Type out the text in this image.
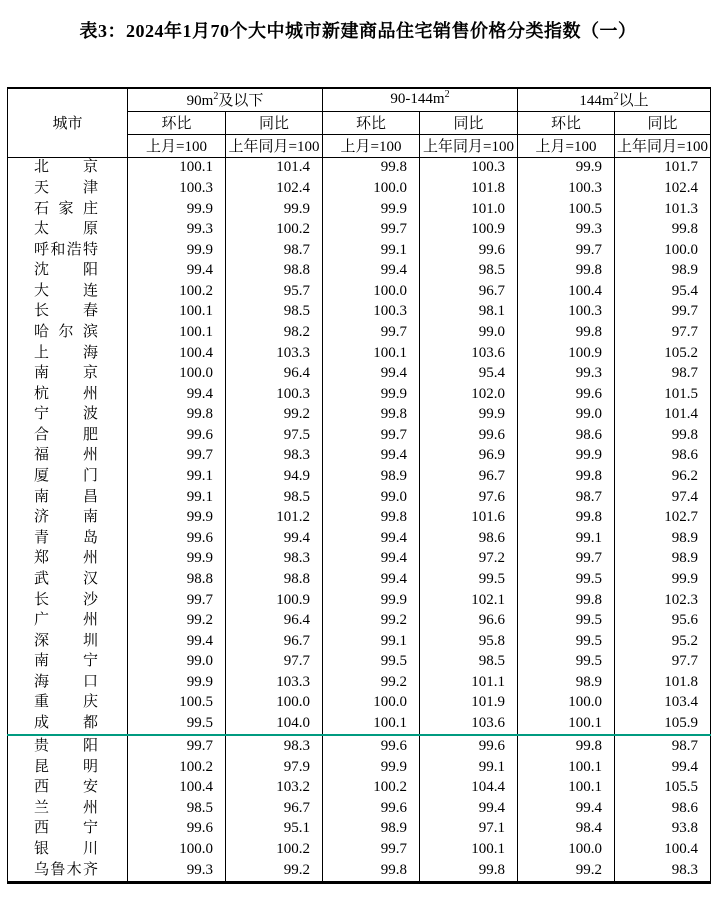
表3：2024年1月70个大中城市新建商品住宅销售价格分类指数（一）
城市	$90m^2$及以下		$90-144m^2$		$144m^2$以上	
	环比	同比	环比	同比	环比	同比
	上月=100	上年同月=100	上月=100	上年同月=100	上月=100	上年同月=100
北京	100.1	101.4	99.8	100.3	99.9	101.7
天津	100.3	102.4	100.0	101.8	100.3	102.4
石家庄	99.9	99.9	99.9	101.0	100.5	101.3
太原	99.3	100.2	99.7	100.9	99.3	99.8
呼和浩特	99.9	98.7	99.1	99.6	99.7	100.0
沈阳	99.4	98.8	99.4	98.5	99.8	98.9
大连	100.2	95.7	100.0	96.7	100.4	95.4
长春	100.1	98.5	100.3	98.1	100.3	99.7
哈尔滨	100.1	98.2	99.7	99.0	99.8	97.7
上海	100.4	103.3	100.1	103.6	100.9	105.2
南京	100.0	96.4	99.4	95.4	99.3	98.7
杭州	99.4	100.3	99.9	102.0	99.6	101.5
宁波	99.8	99.2	99.8	99.9	99.0	101.4
合肥	99.6	97.5	99.7	99.6	98.6	99.8
福州	99.7	98.3	99.4	96.9	99.9	98.6
厦门	99.1	94.9	98.9	96.7	99.8	96.2
南昌	99.1	98.5	99.0	97.6	98.7	97.4
济南	99.9	101.2	99.8	101.6	99.8	102.7
青岛	99.6	99.4	99.4	98.6	99.1	98.9
郑州	99.9	98.3	99.4	97.2	99.7	98.9
武汉	98.8	98.8	99.4	99.5	99.5	99.9
长沙	99.7	100.9	99.9	102.1	99.8	102.3
广州	99.2	96.4	99.2	96.6	99.5	95.6
深圳	99.4	96.7	99.1	95.8	99.5	95.2
南宁	99.0	97.7	99.5	98.5	99.5	97.7
海口	99.9	103.3	99.2	101.1	98.9	101.8
重庆	100.5	100.0	100.0	101.9	100.0	103.4
成都	99.5	104.0	100.1	103.6	100.1	105.9
贵阳	99.7	98.3	99.6	99.6	99.8	98.7
昆明	100.2	97.9	99.9	99.1	100.1	99.4
西安	100.4	103.2	100.2	104.4	100.1	105.5
兰州	98.5	96.7	99.6	99.4	99.4	98.6
西宁	99.6	95.1	98.9	97.1	98.4	93.8
银川	100.0	100.2	99.7	100.1	100.0	100.4
乌鲁木齐	99.3	99.2	99.8	99.8	99.2	98.3
